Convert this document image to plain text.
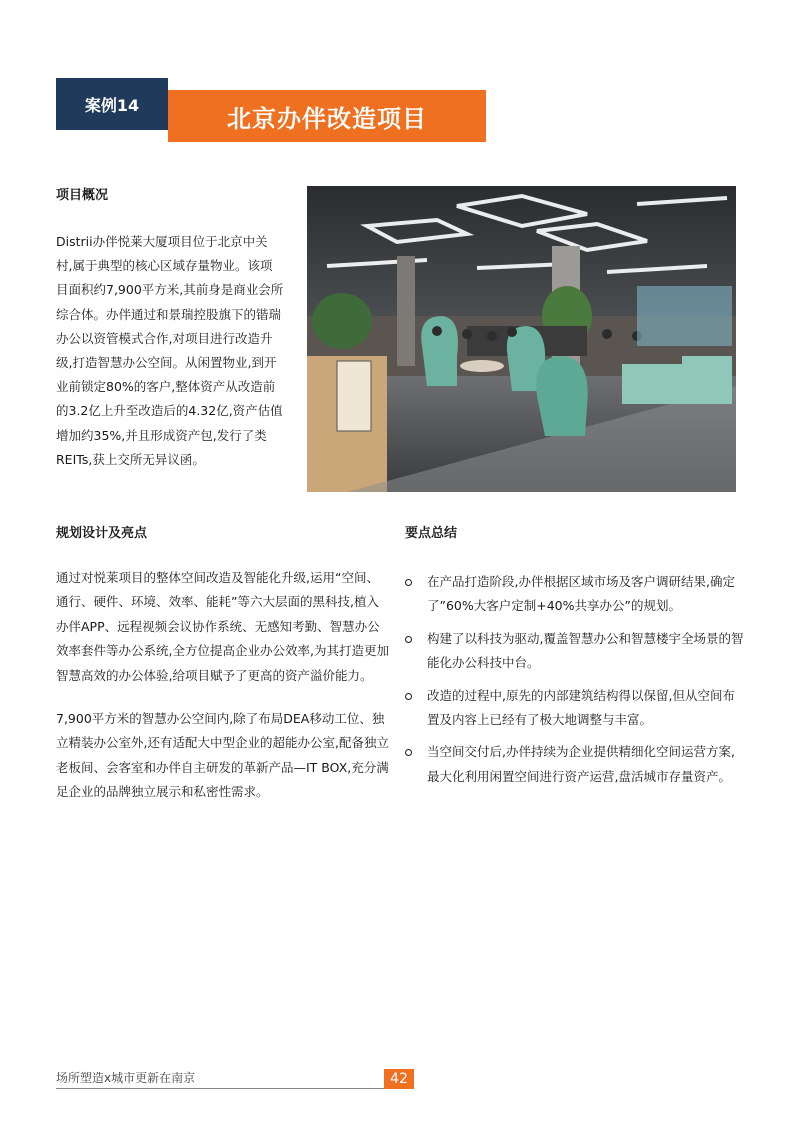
案例14	北京办伴改造项目
项目概况
Distrii办伴悦莱大厦项目位于北京中关村,属于典型的核心区域存量物业。该项目面积约7,900平方米,其前身是商业会所综合体。办伴通过和景瑞控股旗下的锴瑞办公以资管模式合作,对项目进行改造升级,打造智慧办公空间。从闲置物业,到开业前锁定80%的客户,整体资产从改造前的3.2亿上升至改造后的4.32亿,资产估值增加约35%,并且形成资产包,发行了类REITs,获上交所无异议函。
规划设计及亮点

通过对悦莱项目的整体空间改造及智能化升级,运用“空间、通行、硬件、环境、效率、能耗”等六大层面的黑科技,植入办伴APP、远程视频会议协作系统、无感知考勤、智慧办公效率套件等办公系统,全方位提高企业办公效率,为其打造更加智慧高效的办公体验,给项目赋予了更高的资产溢价能力。

7,900平方米的智慧办公空间内,除了布局DEA移动工位、独立精装办公室外,还有适配大中型企业的超能办公室,配备独立老板间、会客室和办伴自主研发的革新产品—IT BOX,充分满足企业的品牌独立展示和私密性需求。

要点总结
在产品打造阶段,办伴根据区域市场及客户调研结果,确定了”60%大客户定制+40%共享办公”的规划。
构建了以科技为驱动,覆盖智慧办公和智慧楼宇全场景的智能化办公科技中台。
改造的过程中,原先的内部建筑结构得以保留,但从空间布置及内容上已经有了极大地调整与丰富。
当空间交付后,办伴持续为企业提供精细化空间运营方案,最大化利用闲置空间进行资产运营,盘活城市存量资产。
场所塑造x城市更新在南京	42
